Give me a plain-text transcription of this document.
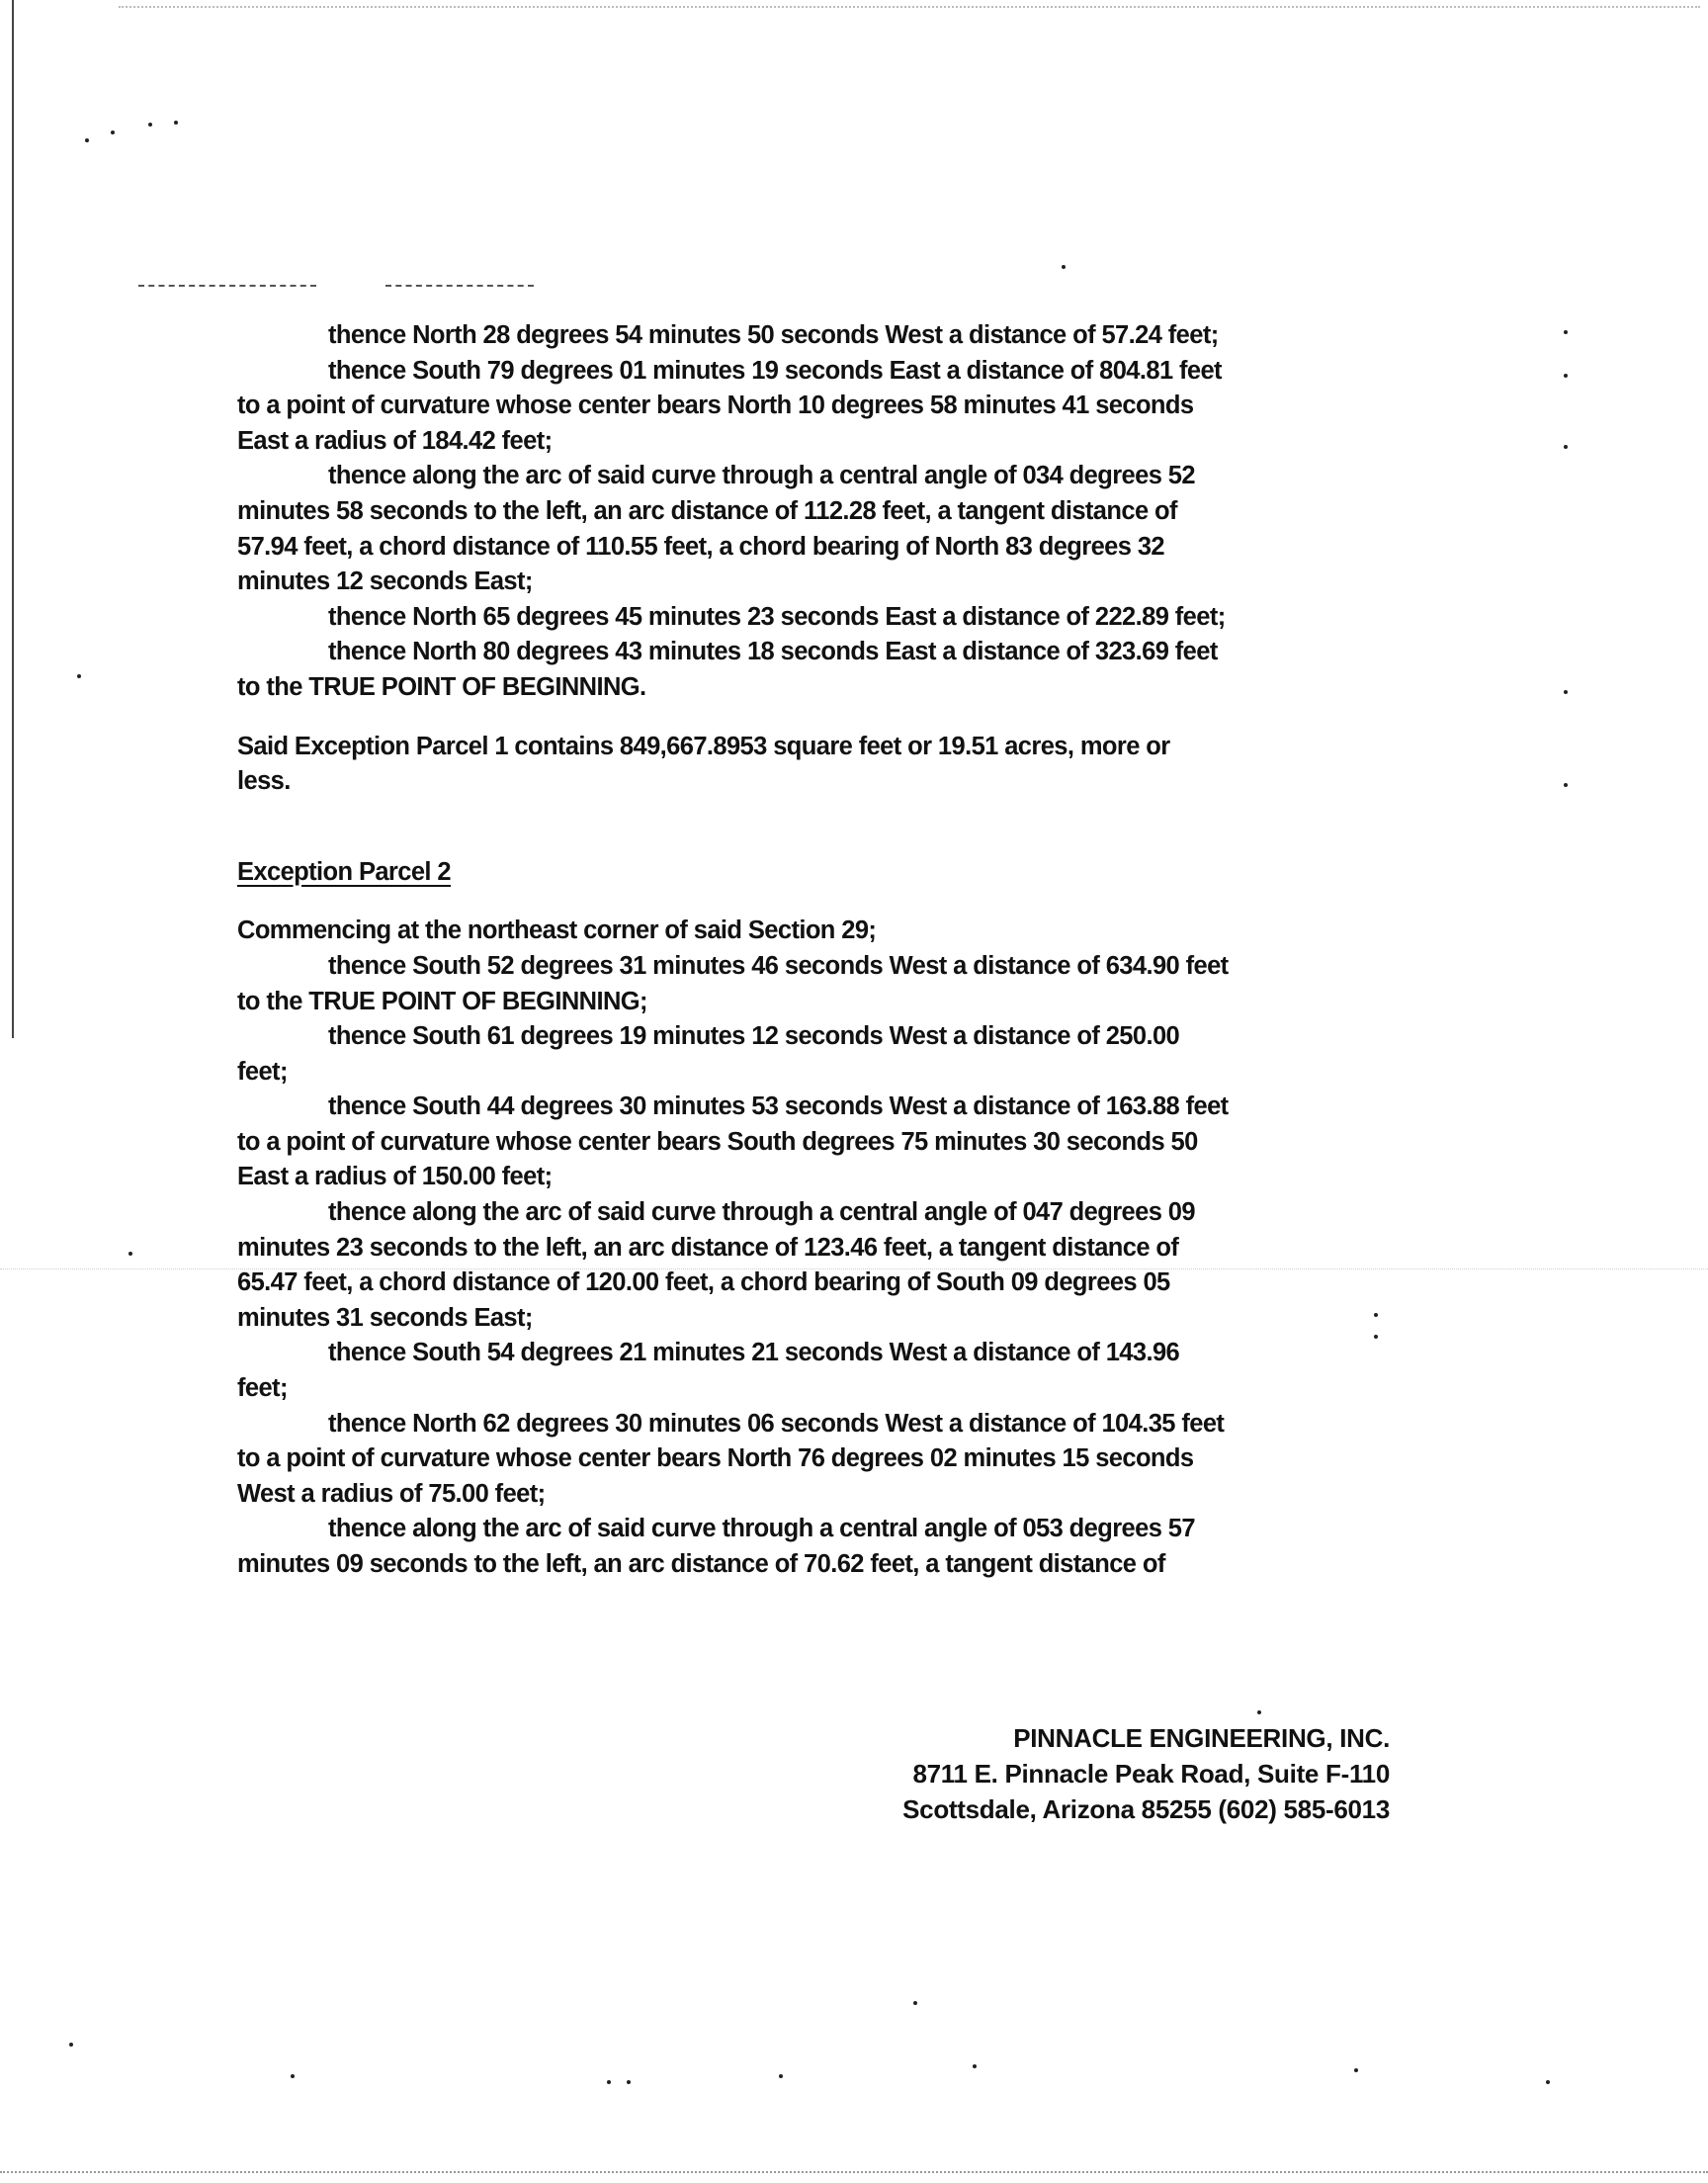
thence North 28 degrees 54 minutes 50 seconds West a distance of 57.24 feet;
thence South 79 degrees 01 minutes 19 seconds East a distance of 804.81 feet
to a point of curvature whose center bears North 10 degrees 58 minutes 41 seconds
East a radius of 184.42 feet;
thence along the arc of said curve through a central angle of 034 degrees 52
minutes 58 seconds to the left, an arc distance of 112.28 feet, a tangent distance of
57.94 feet, a chord distance of 110.55 feet, a chord bearing of North 83 degrees 32
minutes 12 seconds East;
thence North 65 degrees 45 minutes 23 seconds East a distance of 222.89 feet;
thence North 80 degrees 43 minutes 18 seconds East a distance of 323.69 feet
to the TRUE POINT OF BEGINNING.
Said Exception Parcel 1 contains 849,667.8953 square feet or 19.51 acres, more or
less.
Exception Parcel 2
Commencing at the northeast corner of said Section 29;
thence South 52 degrees 31 minutes 46 seconds West a distance of 634.90 feet
to the TRUE POINT OF BEGINNING;
thence South 61 degrees 19 minutes 12 seconds West a distance of 250.00
feet;
thence South 44 degrees 30 minutes 53 seconds West a distance of 163.88 feet
to a point of curvature whose center bears South degrees 75 minutes 30 seconds 50
East a radius of 150.00 feet;
thence along the arc of said curve through a central angle of 047 degrees 09
minutes 23 seconds to the left, an arc distance of 123.46 feet, a tangent distance of
65.47 feet, a chord distance of 120.00 feet, a chord bearing of South 09 degrees 05
minutes 31 seconds East;
thence South 54 degrees 21 minutes 21 seconds West a distance of 143.96
feet;
thence North 62 degrees 30 minutes 06 seconds West a distance of 104.35 feet
to a point of curvature whose center bears North 76 degrees 02 minutes 15 seconds
West a radius of 75.00 feet;
thence along the arc of said curve through a central angle of 053 degrees 57
minutes 09 seconds to the left, an arc distance of 70.62 feet, a tangent distance of
PINNACLE ENGINEERING, INC.
8711 E. Pinnacle Peak Road, Suite F-110
Scottsdale, Arizona 85255 (602) 585-6013
